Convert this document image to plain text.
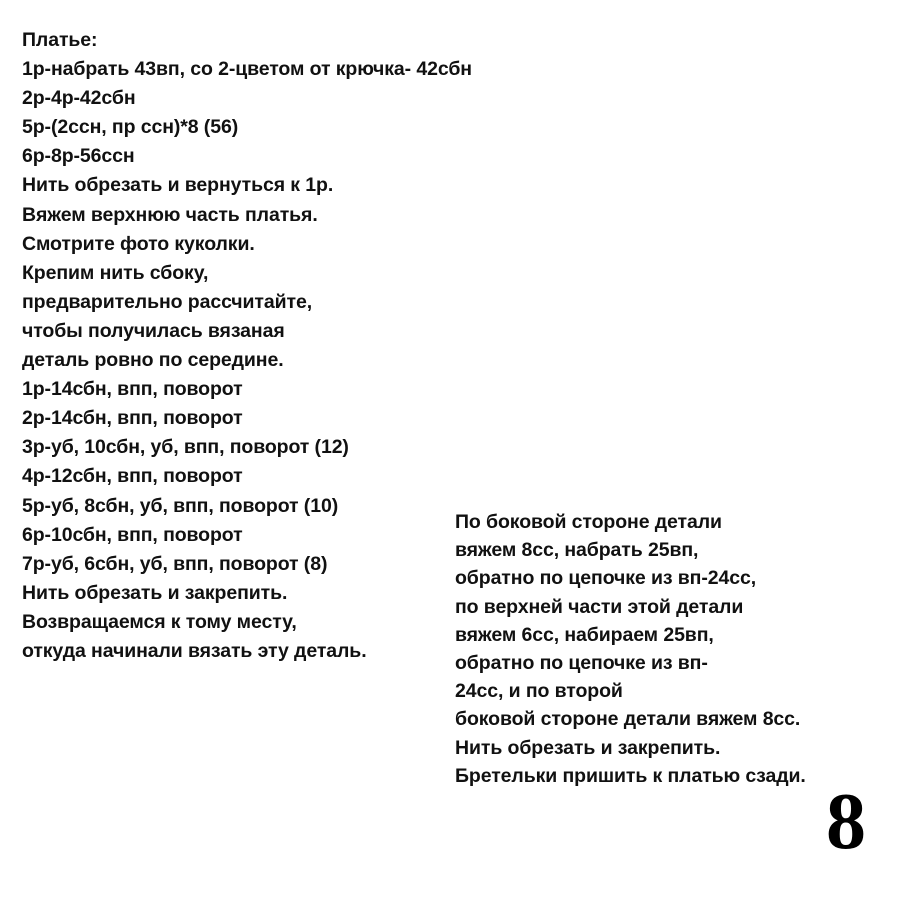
Платье:
1р-набрать 43вп, со 2-цветом от крючка- 42сбн
2р-4р-42сбн
5р-(2ссн, пр ссн)*8 (56)
6р-8р-56ссн
Нить обрезать и вернуться к 1р.
Вяжем верхнюю часть платья.
Смотрите фото куколки.
Крепим нить сбоку,
предварительно рассчитайте,
чтобы получилась вязаная
деталь ровно по середине.
1р-14сбн, впп, поворот
2р-14сбн, впп, поворот
3р-уб, 10сбн, уб, впп, поворот (12)
4р-12сбн, впп, поворот
5р-уб, 8сбн, уб, впп, поворот (10)
6р-10сбн, впп, поворот
7р-уб, 6сбн, уб, впп, поворот (8)
Нить обрезать и закрепить.
Возвращаемся к тому месту,
откуда начинали вязать эту деталь.
По боковой стороне детали
вяжем 8сс, набрать 25вп,
обратно по цепочке из вп-24сс,
по верхней части этой детали
вяжем 6сс, набираем 25вп,
обратно по цепочке из вп-
24сс, и по второй
боковой стороне детали вяжем 8сс.
Нить обрезать и закрепить.
Бретельки пришить к платью сзади.
8
